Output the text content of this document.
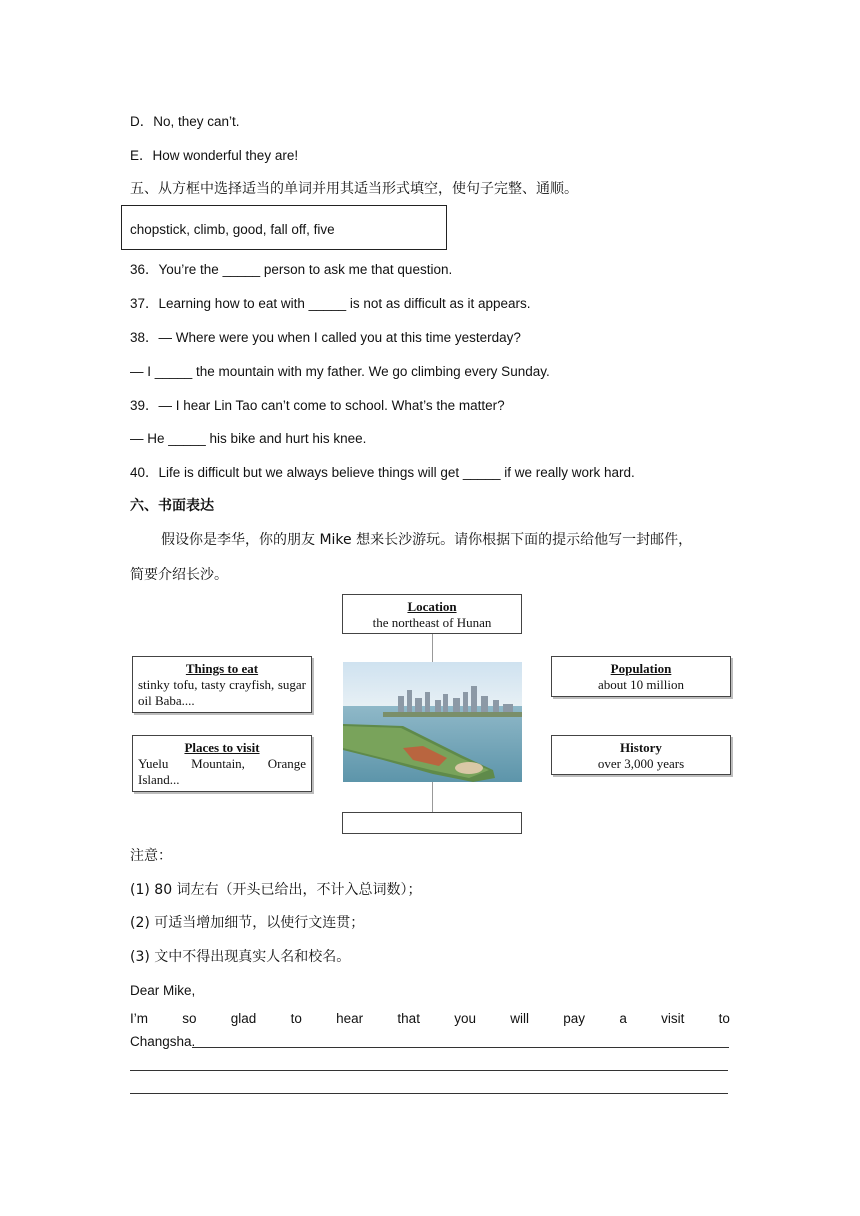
D．No, they can’t.
E．How wonderful they are!
五、从方框中选择适当的单词并用其适当形式填空，使句子完整、通顺。
chopstick, climb, good, fall off, five
36．You’re the _____ person to ask me that question.
37．Learning how to eat with _____ is not as difficult as it appears.
38．— Where were you when I called you at this time yesterday?
— I _____ the mountain with my father. We go climbing every Sunday.
39．— I hear Lin Tao can’t come to school. What’s the matter?
— He _____ his bike and hurt his knee.
40．Life is difficult but we always believe things will get _____ if we really work hard.
六、书面表达
假设你是李华，你的朋友 Mike 想来长沙游玩。请你根据下面的提示给他写一封邮件，
简要介绍长沙。
Location
the northeast of Hunan
Things to eat
stinky tofu, tasty crayfish, sugar oil Baba....
Places to visit
Yuelu Mountain, Orange Island...
Population
about 10 million
History
over 3,000 years
注意：
(1) 80 词左右（开头已给出，不计入总词数）；
(2) 可适当增加细节，以使行文连贯；
(3) 文中不得出现真实人名和校名。
Dear Mike,
I’m	so	glad	to	hear	that	you	will	pay	a	visit	to
Changsha.
